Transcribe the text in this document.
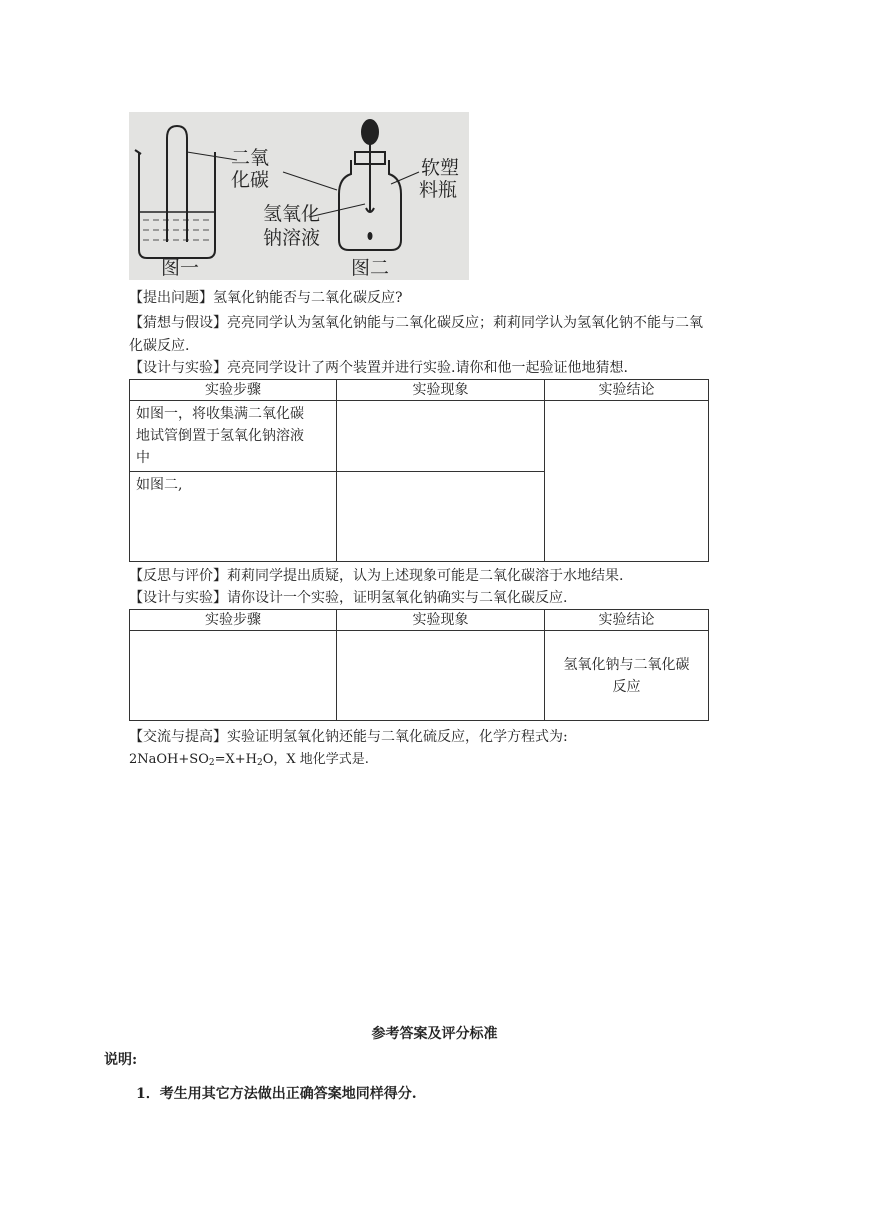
二氧
化碳
氢氧化
钠溶液
软塑
料瓶
图一	图二
【提出问题】氢氧化钠能否与二氧化碳反应?
【猜想与假设】亮亮同学认为氢氧化钠能与二氧化碳反应；莉莉同学认为氢氧化钠不能与二氧
化碳反应.
【设计与实验】亮亮同学设计了两个装置并进行实验.请你和他一起验证他地猜想.
实验步骤	实验现象	实验结论

如图一，将收集满二氧化碳
地试管倒置于氢氧化钠溶液
中		

如图二,		
【反思与评价】莉莉同学提出质疑，认为上述现象可能是二氧化碳溶于水地结果.
【设计与实验】请你设计一个实验，证明氢氧化钠确实与二氧化碳反应.
实验步骤	实验现象	实验结论

		氢氧化钠与二氧化碳
反应
【交流与提高】实验证明氢氧化钠还能与二氧化硫反应，化学方程式为:
$2NaOH+SO_2=X+H_2O$，X 地化学式是.
参考答案及评分标准
说明:
1．考生用其它方法做出正确答案地同样得分.
